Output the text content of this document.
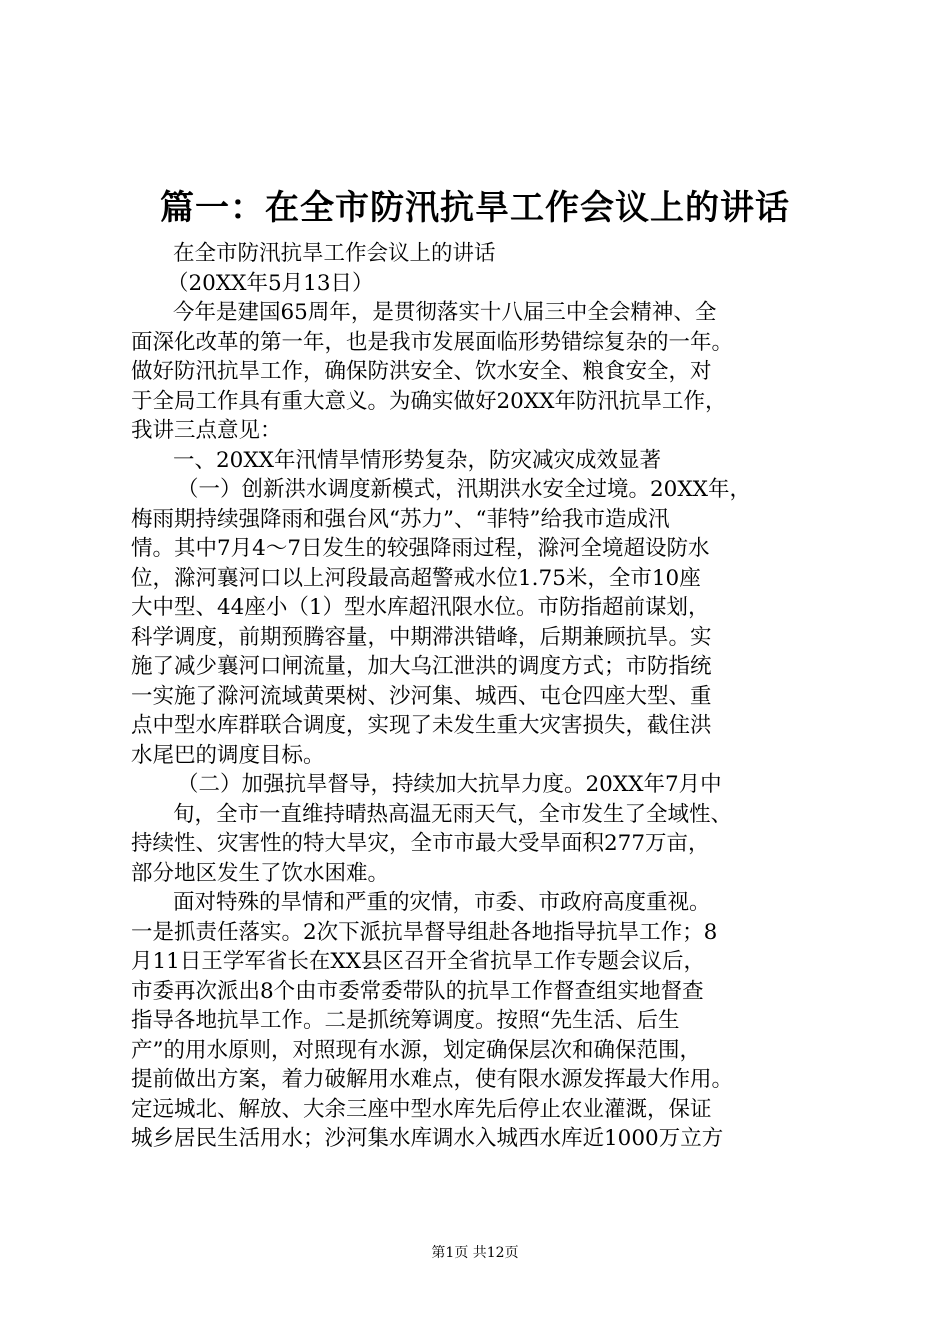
篇一：在全市防汛抗旱工作会议上的讲话
在全市防汛抗旱工作会议上的讲话
（20XX年5月13日）
今年是建国65周年，是贯彻落实十八届三中全会精神、全
面深化改革的第一年，也是我市发展面临形势错综复杂的一年。
做好防汛抗旱工作，确保防洪安全、饮水安全、粮食安全，对
于全局工作具有重大意义。为确实做好20XX年防汛抗旱工作，
我讲三点意见：
一、20XX年汛情旱情形势复杂，防灾减灾成效显著
（一）创新洪水调度新模式，汛期洪水安全过境。20XX年，
梅雨期持续强降雨和强台风“苏力”、“菲特”给我市造成汛
情。其中7月4～7日发生的较强降雨过程，滁河全境超设防水
位，滁河襄河口以上河段最高超警戒水位1.75米，全市10座
大中型、44座小（1）型水库超汛限水位。市防指超前谋划，
科学调度，前期预腾容量，中期滞洪错峰，后期兼顾抗旱。实
施了减少襄河口闸流量，加大乌江泄洪的调度方式；市防指统
一实施了滁河流域黄栗树、沙河集、城西、屯仓四座大型、重
点中型水库群联合调度，实现了未发生重大灾害损失，截住洪
水尾巴的调度目标。
（二）加强抗旱督导，持续加大抗旱力度。20XX年7月中
旬，全市一直维持晴热高温无雨天气，全市发生了全域性、
持续性、灾害性的特大旱灾，全市市最大受旱面积277万亩，
部分地区发生了饮水困难。
面对特殊的旱情和严重的灾情，市委、市政府高度重视。
一是抓责任落实。2次下派抗旱督导组赴各地指导抗旱工作；8
月11日王学军省长在XX县区召开全省抗旱工作专题会议后，
市委再次派出8个由市委常委带队的抗旱工作督查组实地督查
指导各地抗旱工作。二是抓统筹调度。按照“先生活、后生
产”的用水原则，对照现有水源，划定确保层次和确保范围，
提前做出方案，着力破解用水难点，使有限水源发挥最大作用。
定远城北、解放、大余三座中型水库先后停止农业灌溉，保证
城乡居民生活用水；沙河集水库调水入城西水库近1000万立方
第1页 共12页
